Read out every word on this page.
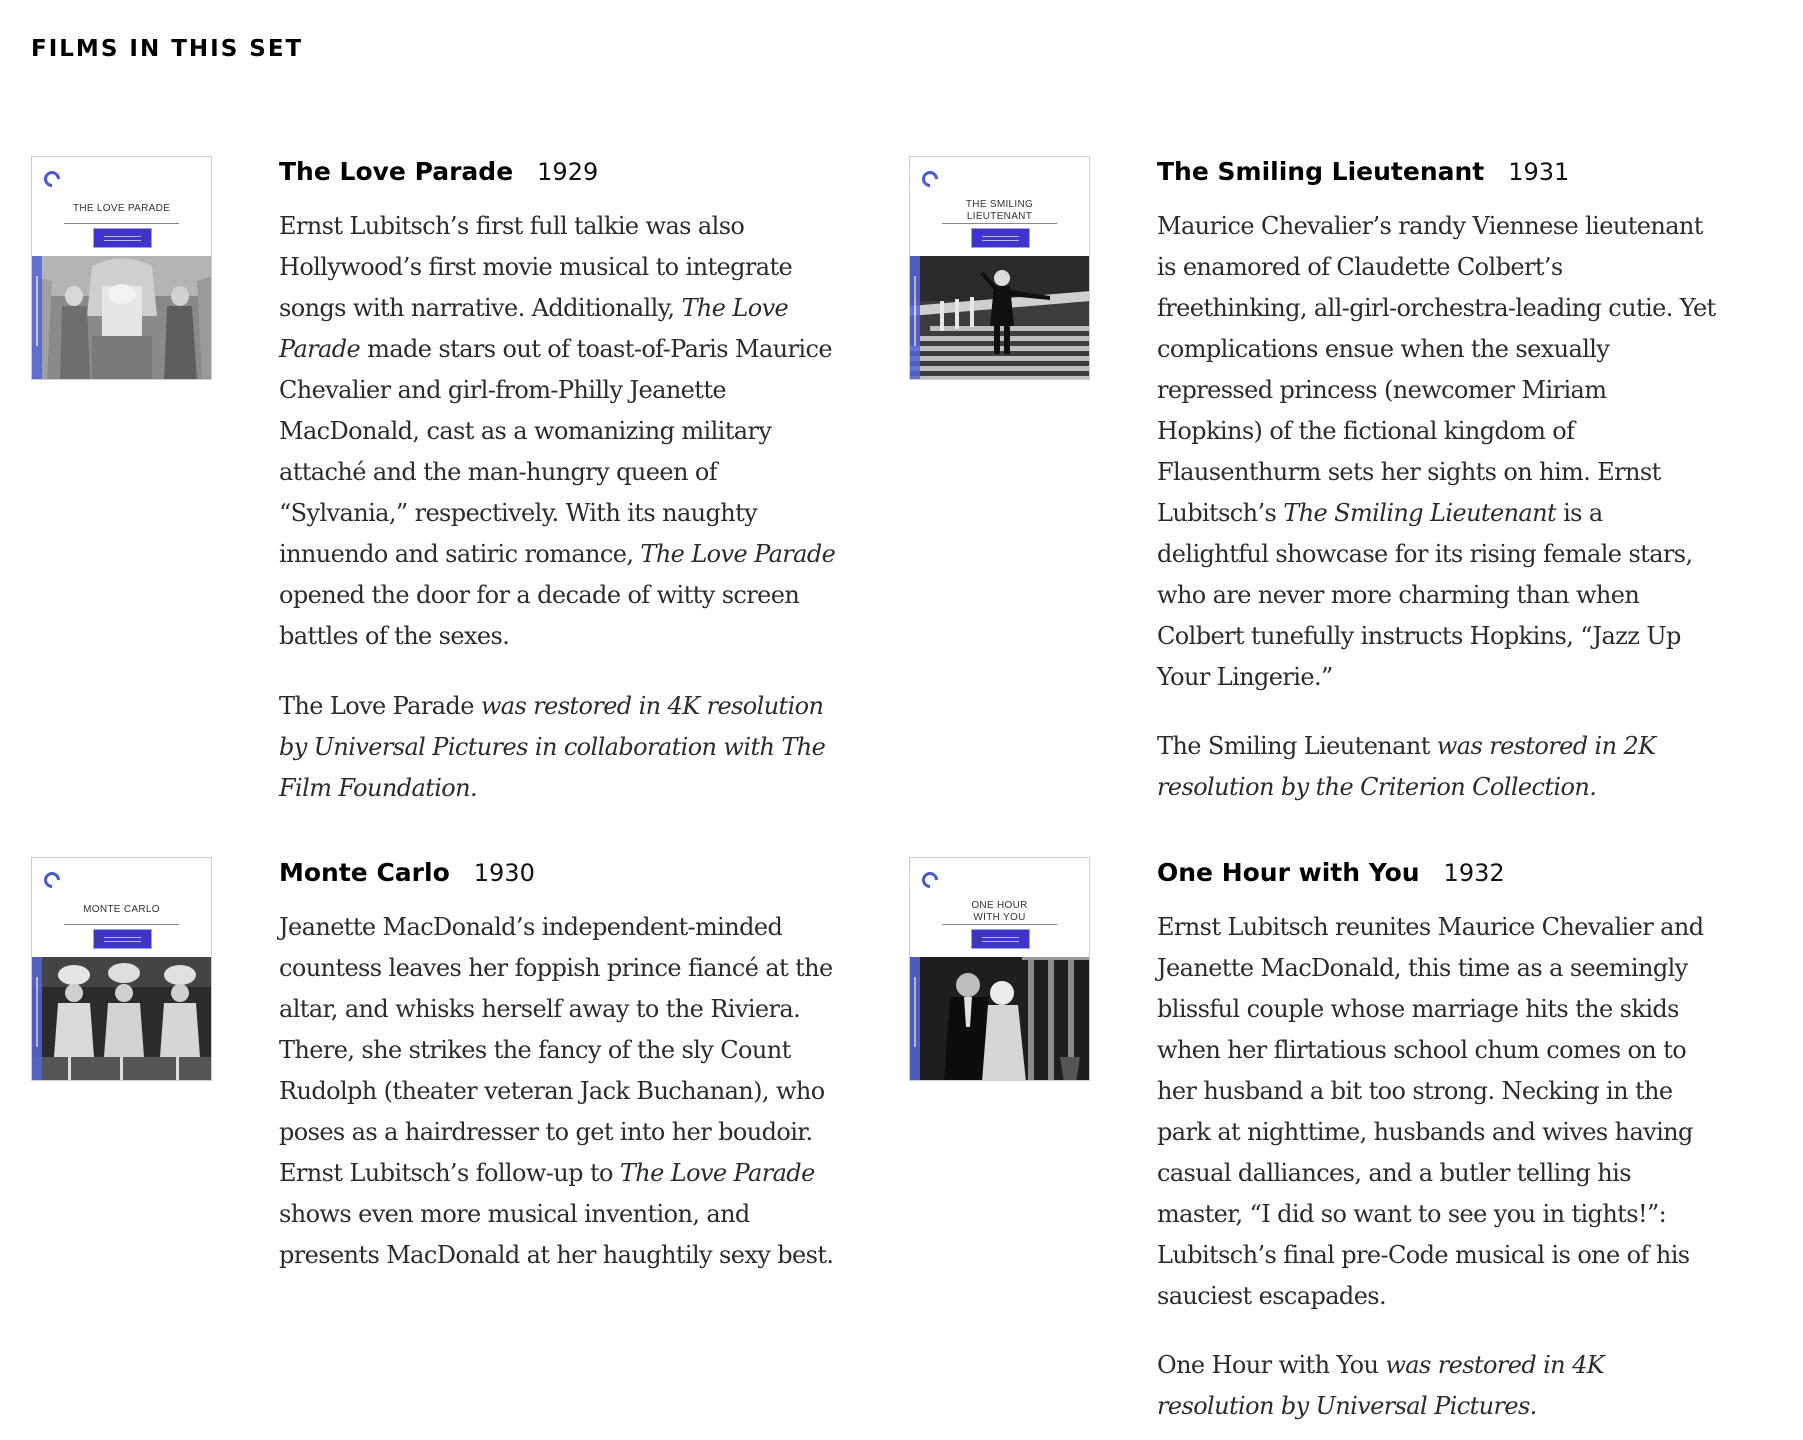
FILMS IN THIS SET
THE LOVE PARADE
The Love Parade 1929

Ernst Lubitsch’s first full talkie was also Hollywood’s first movie musical to integrate songs with narrative. Additionally, The Love Parade made stars out of toast-of-Paris Maurice Chevalier and girl-from-Philly Jeanette MacDonald, cast as a womanizing military attaché and the man-hungry queen of “Sylvania,” respectively. With its naughty innuendo and satiric romance, The Love Parade opened the door for a decade of witty screen battles of the sexes.

The Love Parade was restored in 4K resolution by Universal Pictures in collaboration with The Film Foundation.

THE SMILING
LIEUTENANT
The Smiling Lieutenant 1931

Maurice Chevalier’s randy Viennese lieutenant is enamored of Claudette Colbert’s freethinking, all-girl-orchestra-leading cutie. Yet complications ensue when the sexually repressed princess (newcomer Miriam Hopkins) of the fictional kingdom of Flausenthurm sets her sights on him. Ernst Lubitsch’s The Smiling Lieutenant is a delightful showcase for its rising female stars, who are never more charming than when Colbert tunefully instructs Hopkins, “Jazz Up Your Lingerie.”

The Smiling Lieutenant was restored in 2K resolution by the Criterion Collection.

MONTE CARLO
Monte Carlo 1930

Jeanette MacDonald’s independent-minded countess leaves her foppish prince fiancé at the altar, and whisks herself away to the Riviera. There, she strikes the fancy of the sly Count Rudolph (theater veteran Jack Buchanan), who poses as a hairdresser to get into her boudoir. Ernst Lubitsch’s follow-up to The Love Parade shows even more musical invention, and presents MacDonald at her haughtily sexy best.

ONE HOUR
WITH YOU
One Hour with You 1932

Ernst Lubitsch reunites Maurice Chevalier and Jeanette MacDonald, this time as a seemingly blissful couple whose marriage hits the skids when her flirtatious school chum comes on to her husband a bit too strong. Necking in the park at nighttime, husbands and wives having casual dalliances, and a butler telling his master, “I did so want to see you in tights!”: Lubitsch’s final pre-Code musical is one of his sauciest escapades.

One Hour with You was restored in 4K resolution by Universal Pictures.
